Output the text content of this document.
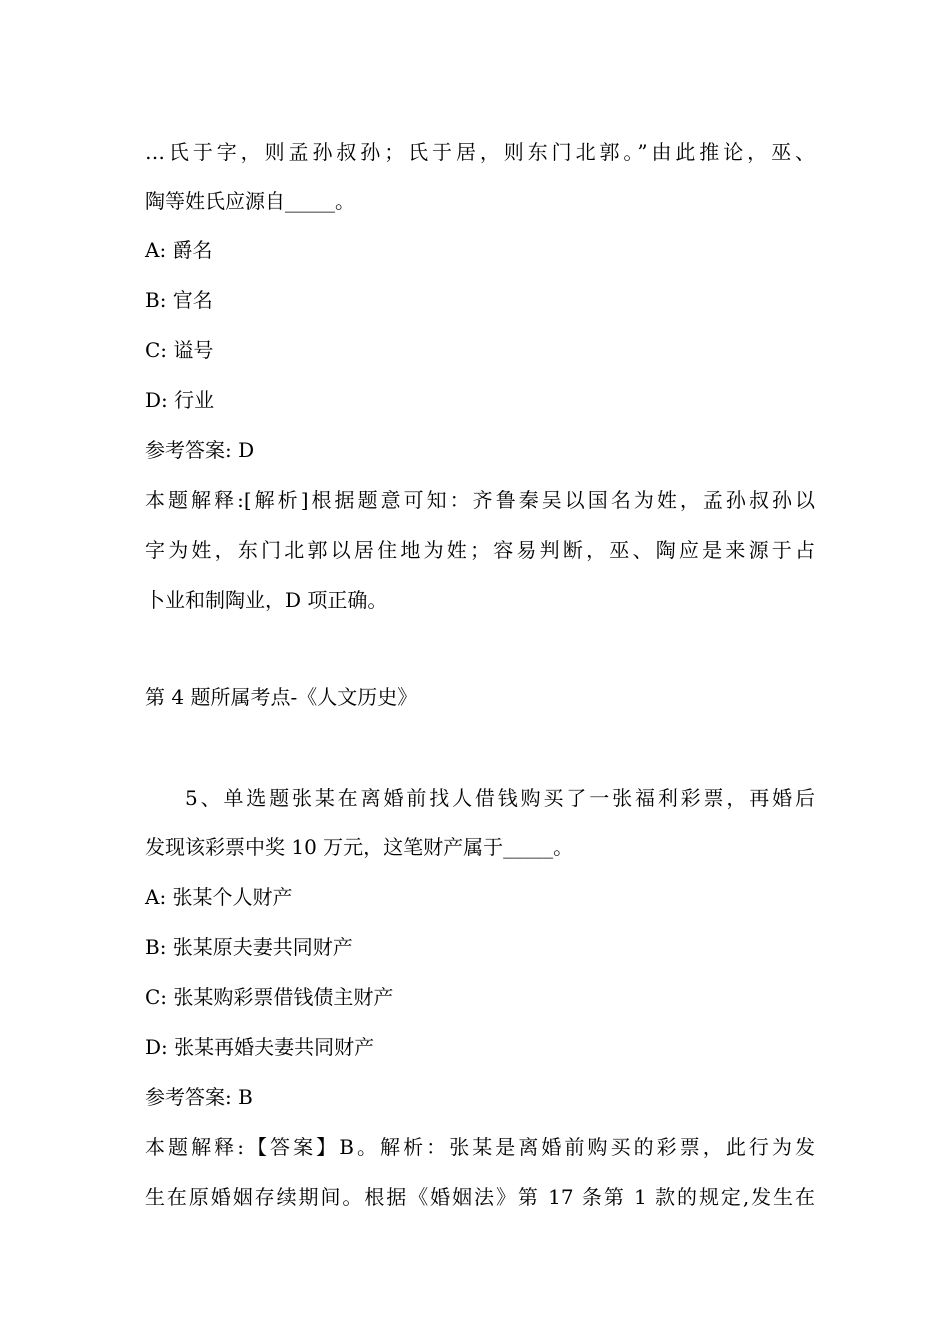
…氏于字，则孟孙叔孙；氏于居，则东门北郭。”由此推论，巫、
陶等姓氏应源自_____。
A: 爵名
B: 官名
C: 谥号
D: 行业
参考答案: D
本题解释:[解析]根据题意可知：齐鲁秦吴以国名为姓，孟孙叔孙以
字为姓，东门北郭以居住地为姓；容易判断，巫、陶应是来源于占
卜业和制陶业，D 项正确。
第 4 题所属考点-《人文历史》
5、单选题张某在离婚前找人借钱购买了一张福利彩票，再婚后
发现该彩票中奖 10 万元，这笔财产属于_____。
A: 张某个人财产
B: 张某原夫妻共同财产
C: 张某购彩票借钱债主财产
D: 张某再婚夫妻共同财产
参考答案: B
本题解释:【答案】B。解析：张某是离婚前购买的彩票，此行为发
生在原婚姻存续期间。根据《婚姻法》第 17 条第 1 款的规定,发生在
